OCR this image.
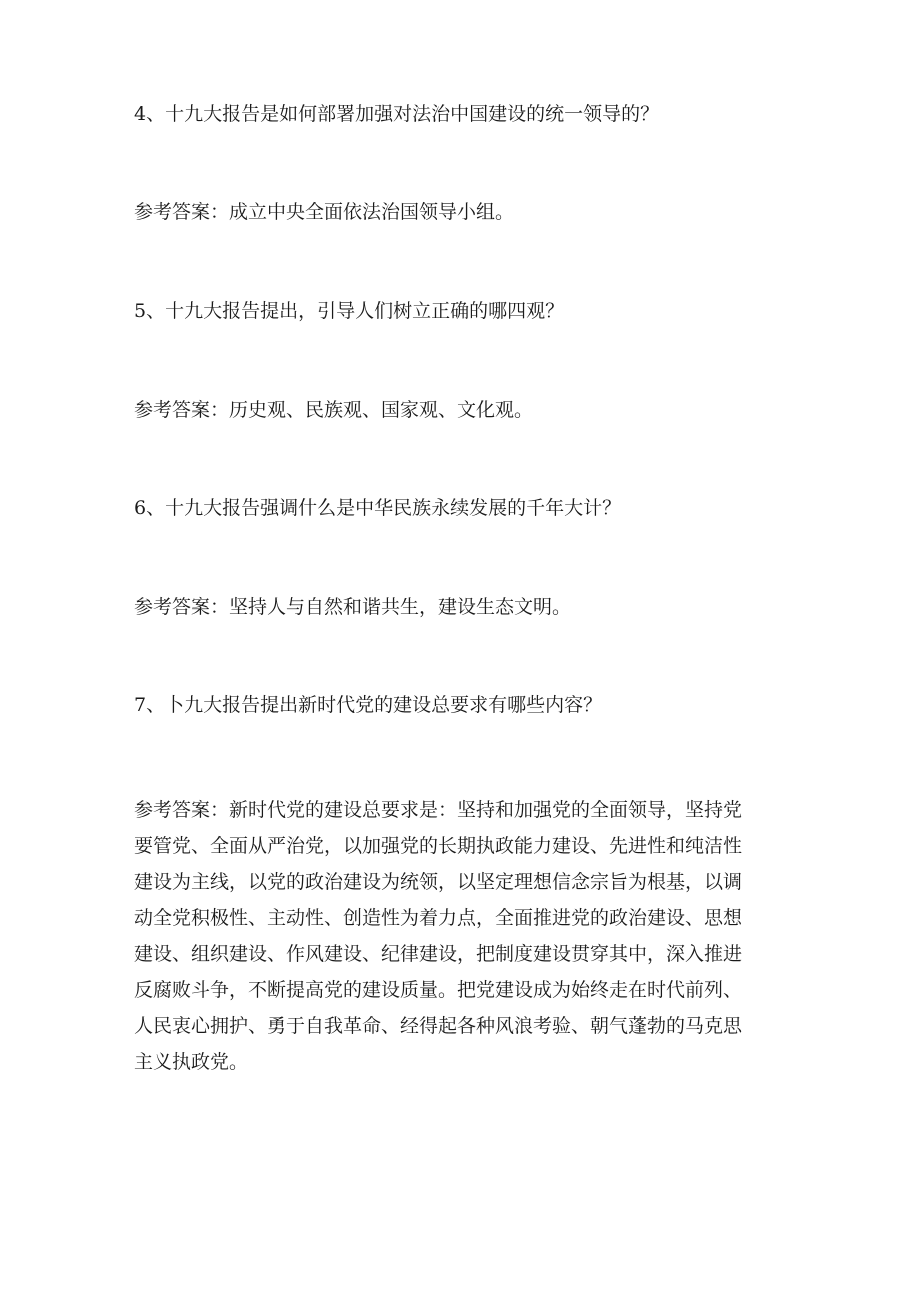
4、十九大报告是如何部署加强对法治中国建设的统一领导的？
参考答案：成立中央全面依法治国领导小组。
5、十九大报告提出，引导人们树立正确的哪四观？
参考答案：历史观、民族观、国家观、文化观。
6、十九大报告强调什么是中华民族永续发展的千年大计？
参考答案：坚持人与自然和谐共生，建设生态文明。
7、卜九大报告提出新时代党的建设总要求有哪些内容？
参考答案：新时代党的建设总要求是：坚持和加强党的全面领导，坚持党
要管党、全面从严治党，以加强党的长期执政能力建设、先进性和纯洁性
建设为主线，以党的政治建设为统领，以坚定理想信念宗旨为根基，以调
动全党积极性、主动性、创造性为着力点，全面推进党的政治建设、思想
建设、组织建设、作风建设、纪律建设，把制度建设贯穿其中，深入推进
反腐败斗争，不断提高党的建设质量。把党建设成为始终走在时代前列、
人民衷心拥护、勇于自我革命、经得起各种风浪考验、朝气蓬勃的马克思
主义执政党。
